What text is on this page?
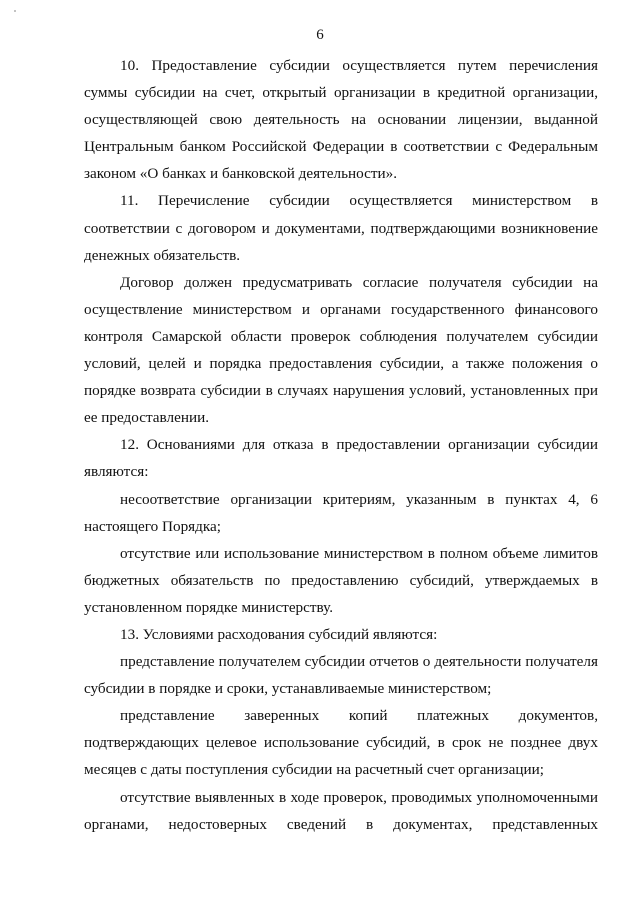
6

10. Предоставление субсидии осуществляется путем перечисления суммы субсидии на счет, открытый организации в кредитной организации, осуществляющей свою деятельность на основании лицензии, выданной Центральным банком Российской Федерации в соответствии с Федеральным законом «О банках и банковской деятельности».

11. Перечисление субсидии осуществляется министерством в соответствии с договором и документами, подтверждающими возникновение денежных обязательств.

Договор должен предусматривать согласие получателя субсидии на осуществление министерством и органами государственного финансового контроля Самарской области проверок соблюдения получателем субсидии условий, целей и порядка предоставления субсидии, а также положения о порядке возврата субсидии в случаях нарушения условий, установленных при ее предоставлении.

12. Основаниями для отказа в предоставлении организации субсидии являются:

несоответствие организации критериям, указанным в пунктах 4, 6 настоящего Порядка;

отсутствие или использование министерством в полном объеме лимитов бюджетных обязательств по предоставлению субсидий, утверждаемых в установленном порядке министерству.

13. Условиями расходования субсидий являются:

представление получателем субсидии отчетов о деятельности получателя субсидии в порядке и сроки, устанавливаемые министерством;

представление заверенных копий платежных документов, подтверждающих целевое использование субсидий, в срок не позднее двух месяцев с даты поступления субсидии на расчетный счет организации;

отсутствие выявленных в ходе проверок, проводимых уполномоченными органами, недостоверных сведений в документах, представленных
